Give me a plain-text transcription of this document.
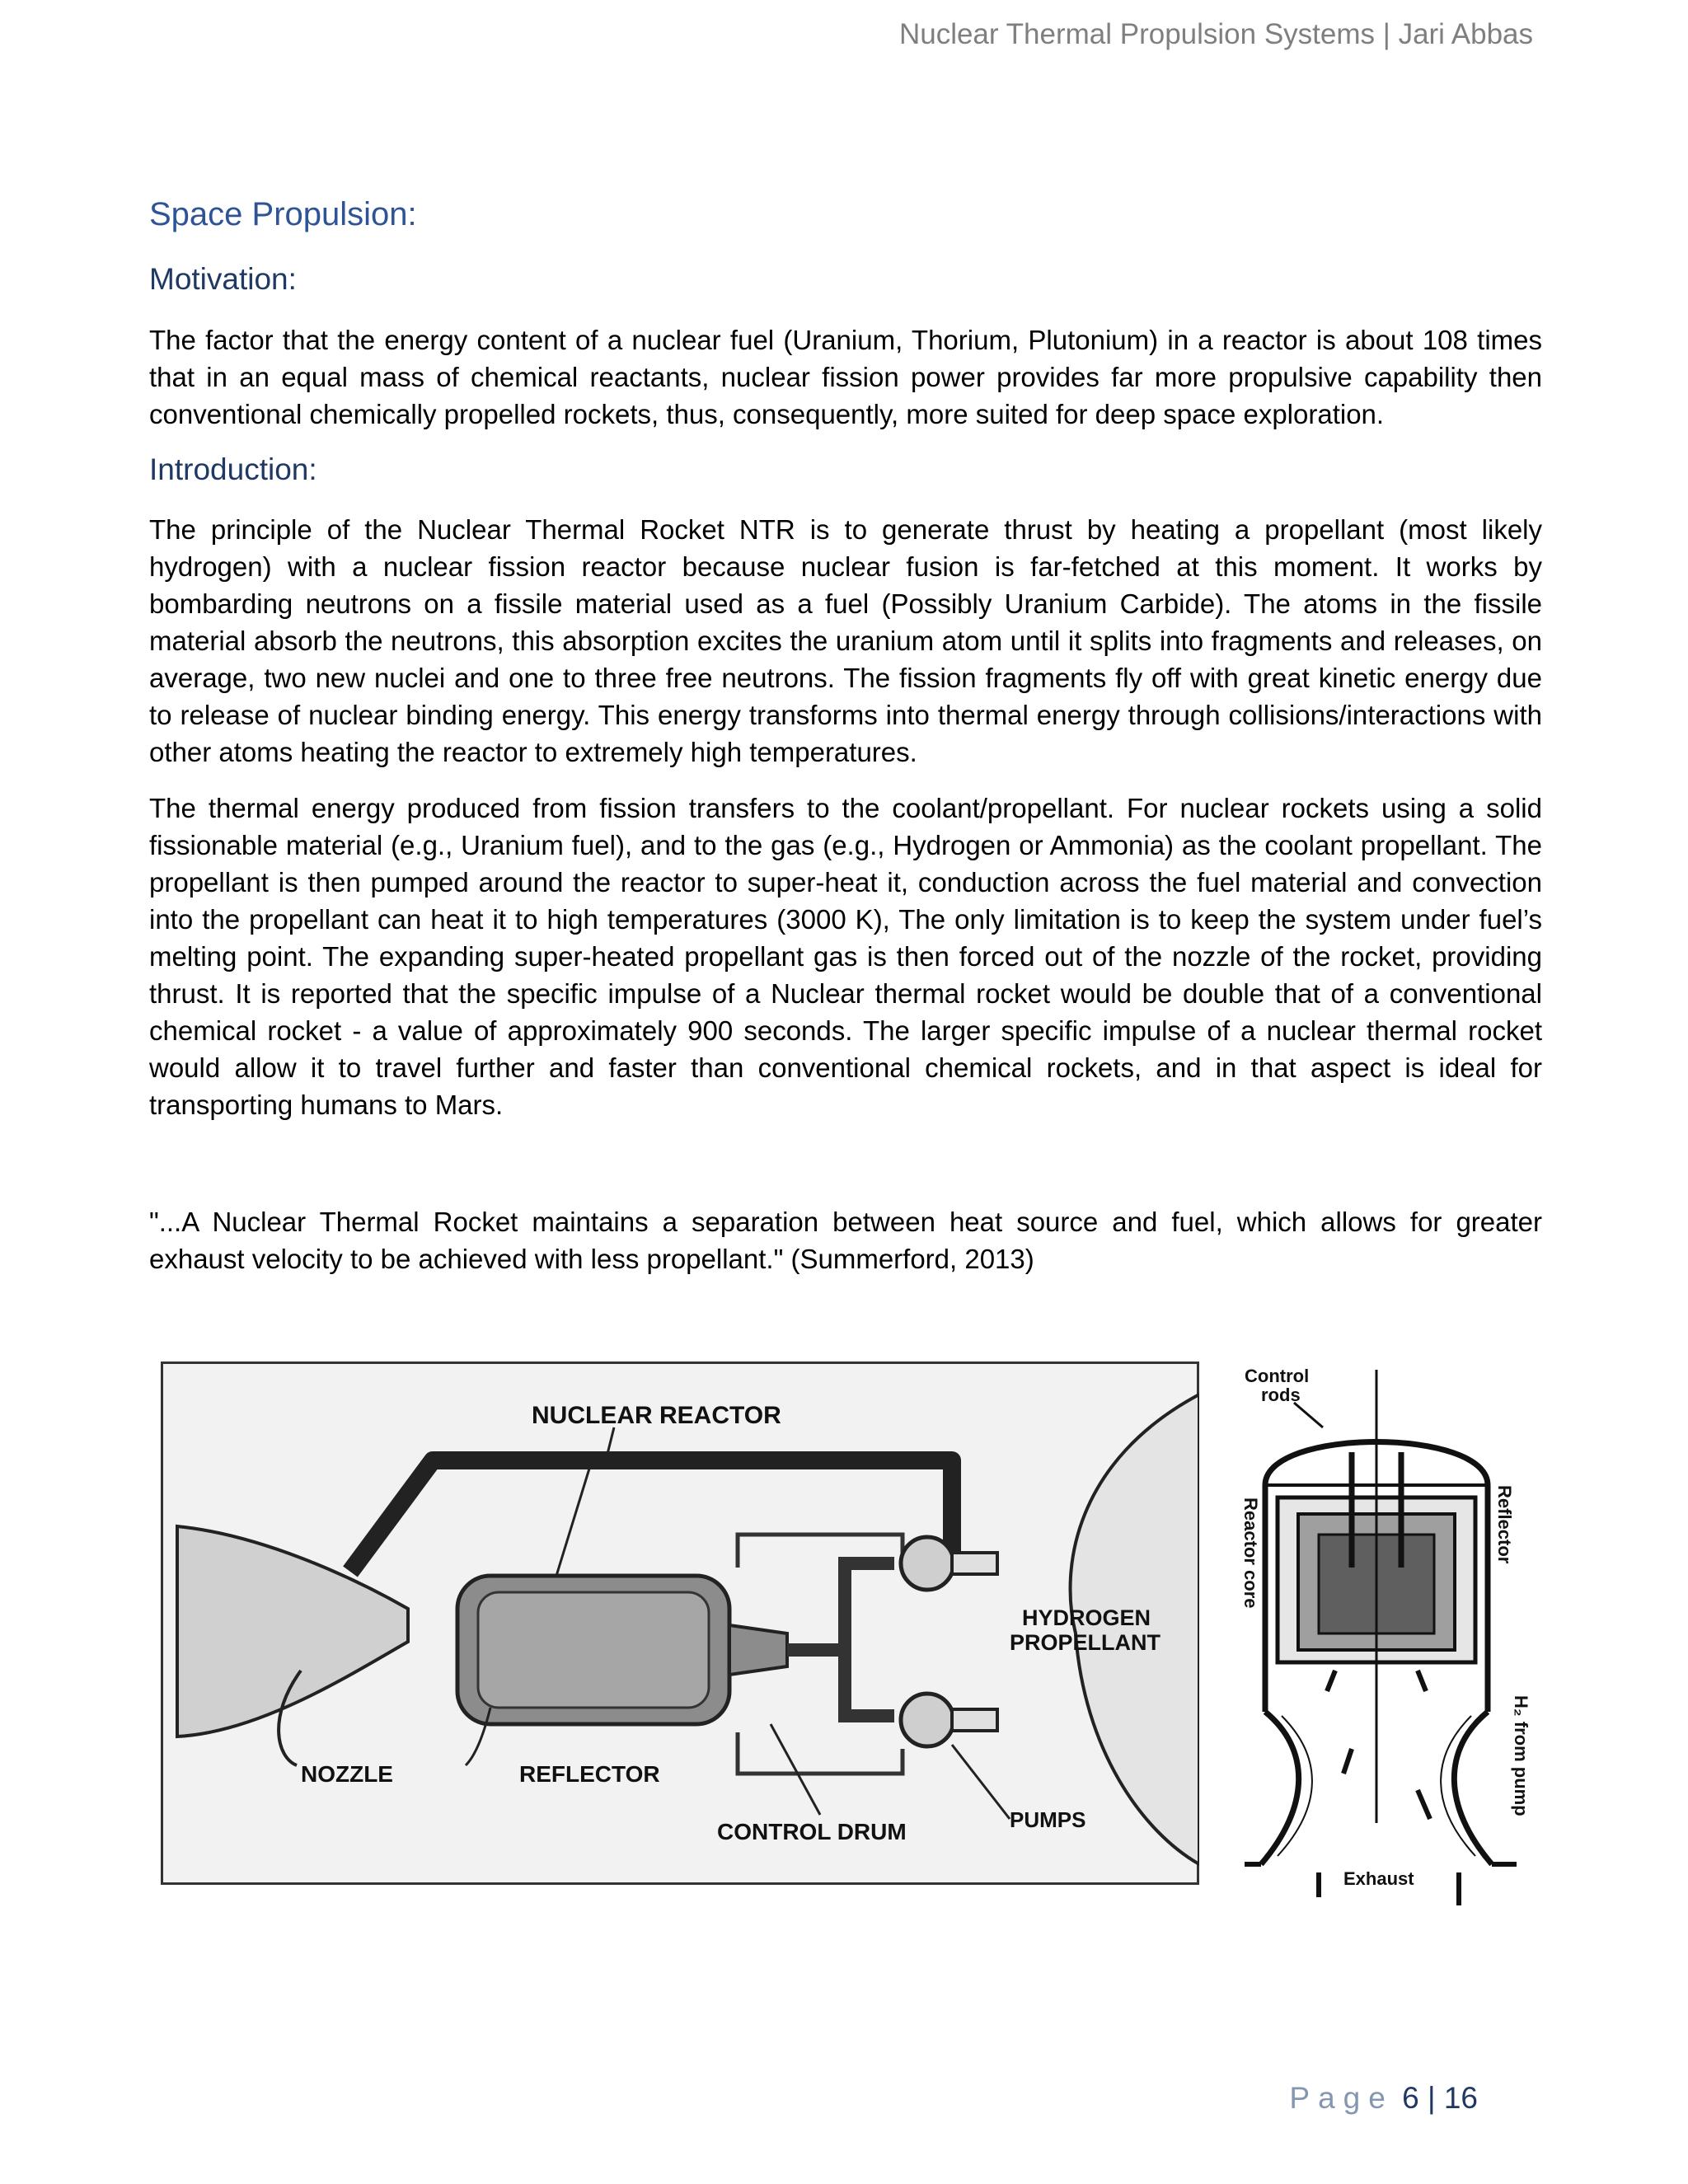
Nuclear Thermal Propulsion Systems | Jari Abbas
Space Propulsion:
Motivation:
The factor that the energy content of a nuclear fuel (Uranium, Thorium, Plutonium) in a reactor is about 108 times that in an equal mass of chemical reactants, nuclear fission power provides far more propulsive capability then conventional chemically propelled rockets, thus, consequently, more suited for deep space exploration.
Introduction:
The principle of the Nuclear Thermal Rocket NTR is to generate thrust by heating a propellant (most likely hydrogen) with a nuclear fission reactor because nuclear fusion is far-fetched at this moment. It works by bombarding neutrons on a fissile material used as a fuel (Possibly Uranium Carbide). The atoms in the fissile material absorb the neutrons, this absorption excites the uranium atom until it splits into fragments and releases, on average, two new nuclei and one to three free neutrons. The fission fragments fly off with great kinetic energy due to release of nuclear binding energy. This energy transforms into thermal energy through collisions/interactions with other atoms heating the reactor to extremely high temperatures.
The thermal energy produced from fission transfers to the coolant/propellant. For nuclear rockets using a solid fissionable material (e.g., Uranium fuel), and to the gas (e.g., Hydrogen or Ammonia) as the coolant propellant. The propellant is then pumped around the reactor to super-heat it, conduction across the fuel material and convection into the propellant can heat it to high temperatures (3000 K), The only limitation is to keep the system under fuel’s melting point. The expanding super-heated propellant gas is then forced out of the nozzle of the rocket, providing thrust. It is reported that the specific impulse of a Nuclear thermal rocket would be double that of a conventional chemical rocket - a value of approximately 900 seconds. The larger specific impulse of a nuclear thermal rocket would allow it to travel further and faster than conventional chemical rockets, and in that aspect is ideal for transporting humans to Mars.
"...A Nuclear Thermal Rocket maintains a separation between heat source and fuel, which allows for greater exhaust velocity to be achieved with less propellant." (Summerford, 2013)
NUCLEAR REACTOR
HYDROGEN
PROPELLANT
NOZZLE	REFLECTOR
CONTROL DRUM	PUMPS
Control
rods
Reactor core	Reflector
H₂ from pump
Exhaust
Page 6 | 16
